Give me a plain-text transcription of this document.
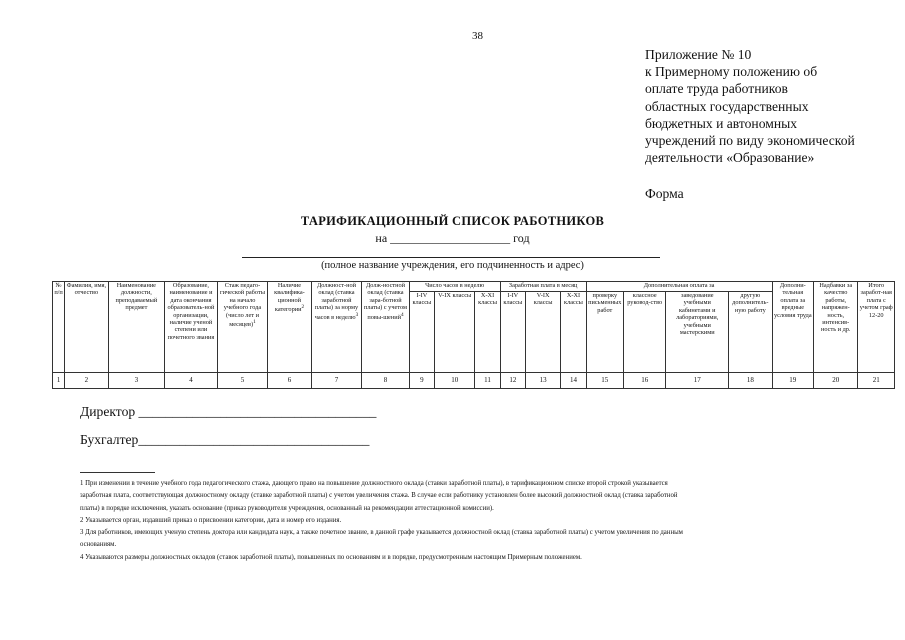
38
Приложение № 10
к Примерному положению об
оплате труда работников
областных государственных
бюджетных и автономных
учреждений по виду экономической
деятельности «Образование»
Форма
ТАРИФИКАЦИОННЫЙ СПИСОК РАБОТНИКОВ
на ____________________ год
(полное название учреждения, его подчиненность и адрес)
№ п/п	Фамилия, имя, отчество	Наименование должности, преподаваемый предмет	Образование, наименование и дата окончания образователь-ной организации, наличие ученой степени или почетного звания	Стаж педаго-гической работы на начало учебного года (число лет и месяцев)$^1$	Наличие квалифика-ционной категории$^2$	Должност-ной оклад (ставка заработной платы) за норму часов в неделю$^3$	Долж-ностной оклад (ставка зара-ботной платы) с учетом повы-шений$^4$	Число часов в неделю			Заработная плата в месяц			Дополнительная оплата за				Дополни-тельная оплата за вредные условия труда	Надбавки за качество работы, напряжен-ность, интенсив-ность и др.	Итого заработ-ная плата с учетом граф 12-20
								I-IV классы	V-IX классы	X-XI классы	I-IV классы	V-IX классы	X-XI классы	проверку письменных работ	классное руковод-ство	заведование учебными кабинетами и лабораториями, учебными мастерскими	другую дополнитель-ную работу			
1	2	3	4	5	6	7	8	9	10	11	12	13	14	15	16	17	18	19	20	21
Директор ___________________________________
Бухгалтер__________________________________
1 При изменении в течение учебного года педагогического стажа, дающего право на повышение должностного оклада (ставки заработной платы), в тарификационном списке второй строкой указывается
заработная плата, соответствующая должностному окладу (ставке заработной платы) с учетом увеличения стажа. В случае если работнику установлен более высокий должностной оклад (ставка заработной
платы) в порядке исключения, указать основание (приказ руководителя учреждения, основанный на рекомендации аттестационной комиссии).
2 Указывается орган, издавший приказ о присвоении категории, дата и номер его издания.
3 Для работников, имеющих ученую степень доктора или кандидата наук, а также почетное звание, в данной графе указывается должностной оклад (ставка заработной платы) с учетом увеличения по данным
основаниям.
4 Указываются размеры должностных окладов (ставок заработной платы), повышенных по основаниям и в порядке, предусмотренным настоящим Примерным положением.
